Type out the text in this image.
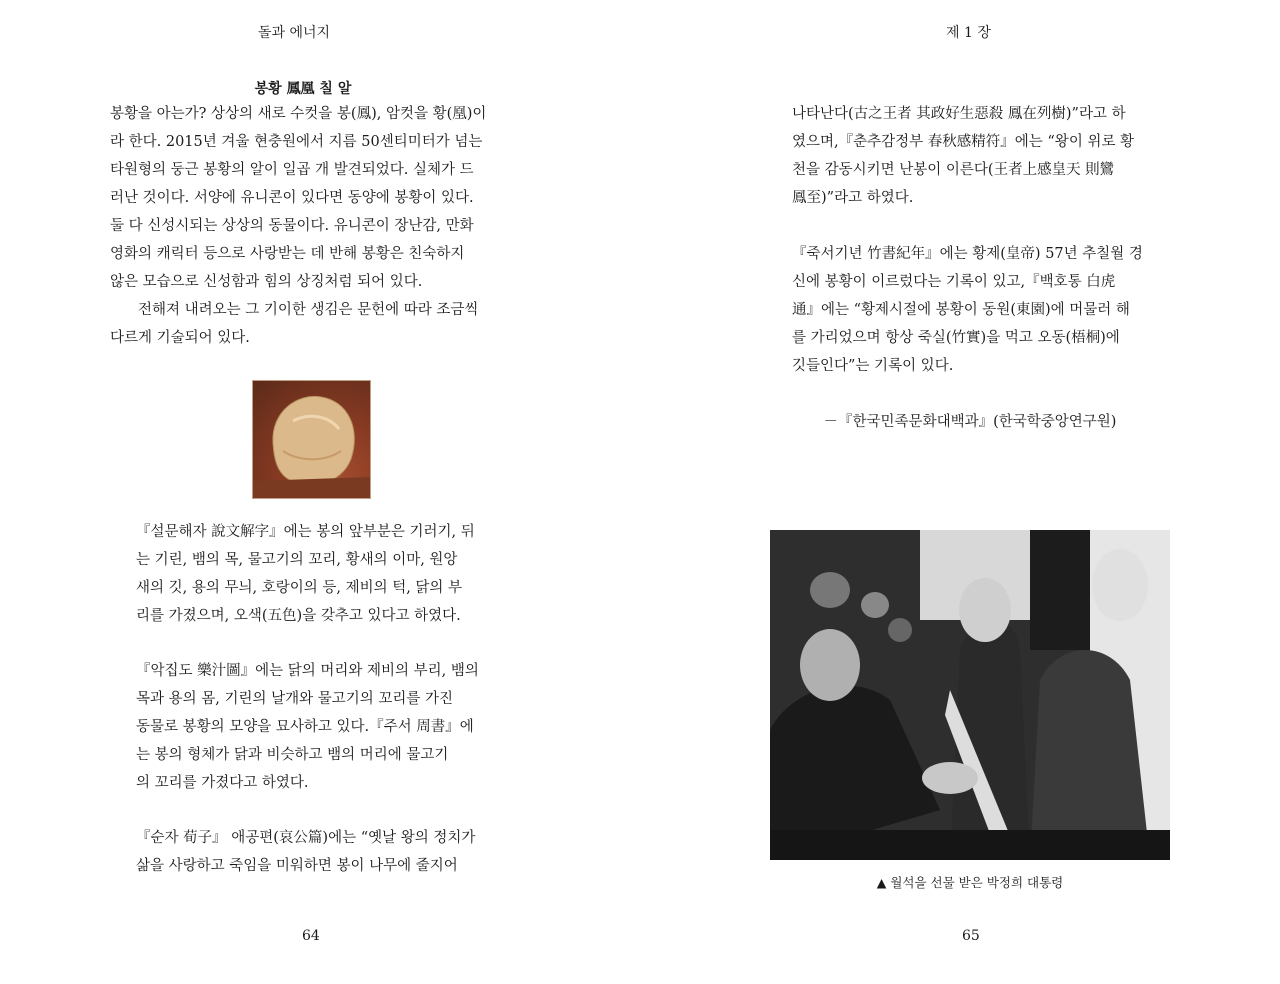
돌과 에너지
봉황 鳳凰 칠 알

봉황을 아는가? 상상의 새로 수컷을 봉(鳳), 암컷을 황(凰)이

라 한다. 2015년 겨울 현충원에서 지름 50센티미터가 넘는

타원형의 둥근 봉황의 알이 일곱 개 발견되었다. 실체가 드

러난 것이다. 서양에 유니콘이 있다면 동양에 봉황이 있다.

둘 다 신성시되는 상상의 동물이다. 유니콘이 장난감, 만화

영화의 캐릭터 등으로 사랑받는 데 반해 봉황은 친숙하지

않은 모습으로 신성함과 힘의 상징처럼 되어 있다.

전해져 내려오는 그 기이한 생김은 문헌에 따라 조금씩

다르게 기술되어 있다.

『설문해자 說文解字』에는 봉의 앞부분은 기러기, 뒤

는 기린, 뱀의 목, 물고기의 꼬리, 황새의 이마, 원앙

새의 깃, 용의 무늬, 호랑이의 등, 제비의 턱, 닭의 부

리를 가졌으며, 오색(五色)을 갖추고 있다고 하였다.

『악집도 樂汁圖』에는 닭의 머리와 제비의 부리, 뱀의

목과 용의 몸, 기린의 날개와 물고기의 꼬리를 가진

동물로 봉황의 모양을 묘사하고 있다.『주서 周書』에

는 봉의 형체가 닭과 비슷하고 뱀의 머리에 물고기

의 꼬리를 가졌다고 하였다.

『순자 荀子』 애공편(哀公篇)에는 “옛날 왕의 정치가

삶을 사랑하고 죽임을 미워하면 봉이 나무에 줄지어

64
제 1 장

나타난다(古之王者 其政好生惡殺 鳳在列樹)”라고 하

였으며,『춘추감정부 春秋感精符』에는 “왕이 위로 황

천을 감동시키면 난봉이 이른다(王者上感皇天 則鸞

鳳至)”라고 하였다.

『죽서기년 竹書紀年』에는 황제(皇帝) 57년 추칠월 경

신에 봉황이 이르렀다는 기록이 있고,『백호통 白虎

通』에는 “황제시절에 봉황이 동원(東園)에 머물러 해

를 가리었으며 항상 죽실(竹實)을 먹고 오동(梧桐)에

깃들인다”는 기록이 있다.

－『한국민족문화대백과』(한국학중앙연구원)
▲ 월석을 선물 받은 박정희 대통령
65
